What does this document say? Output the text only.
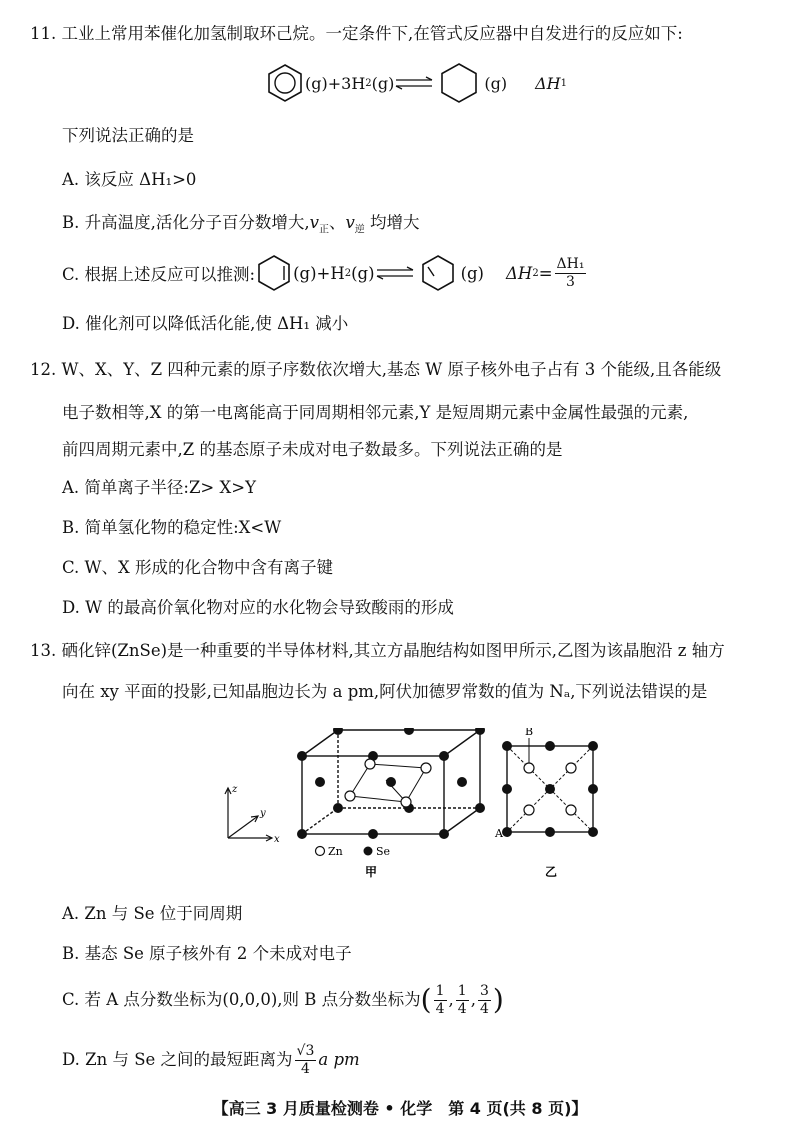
11. 工业上常用苯催化加氢制取环己烷。一定条件下,在管式反应器中自发进行的反应如下:
(g) +3H 2 (g) ⇌	(g) ΔH 1
下列说法正确的是
A. 该反应 ΔH₁>0
B. 升高温度,活化分子百分数增大$,v_正$、$v_逆$ 均增大
C. 根据上述反应可以推测: (g)+H 2 (g) ⇌	(g) ΔH $2 = \frac{\text{ΔH₁}}{3}$
D. 催化剂可以降低活化能,使 ΔH₁ 减小
12. W、X、Y、Z 四种元素的原子序数依次增大,基态 W 原子核外电子占有 3 个能级,且各能级
电子数相等,X 的第一电离能高于同周期相邻元素,Y 是短周期元素中金属性最强的元素,
前四周期元素中,Z 的基态原子未成对电子数最多。下列说法正确的是
A. 简单离子半径:Z> X>Y
B. 简单氢化物的稳定性:X<W
C. W、X 形成的化合物中含有离子键
D. W 的最高价氧化物对应的水化物会导致酸雨的形成
13. 硒化锌(ZnSe)是一种重要的半导体材料,其立方晶胞结构如图甲所示,乙图为该晶胞沿 z 轴方
向在 xy 平面的投影,已知晶胞边长为 a pm,阿伏加德罗常数的值为 Nₐ,下列说法错误的是
z
y
x
Zn	Se
甲
B
A
乙
A. Zn 与 Se 位于同周期
B. 基态 Se 原子核外有 2 个未成对电子
C. 若 A 点分数坐标为(0,0,0),则 B 点分数坐标为 ( $\frac{1}{4}$ , $\frac{1}{4}$ , $\frac{3}{4}$ )
D. Zn 与 Se 之间的最短距离为 $\frac{√3}{4}$ a pm
【高三 3 月质量检测卷 • 化学　第 4 页(共 8 页)】
